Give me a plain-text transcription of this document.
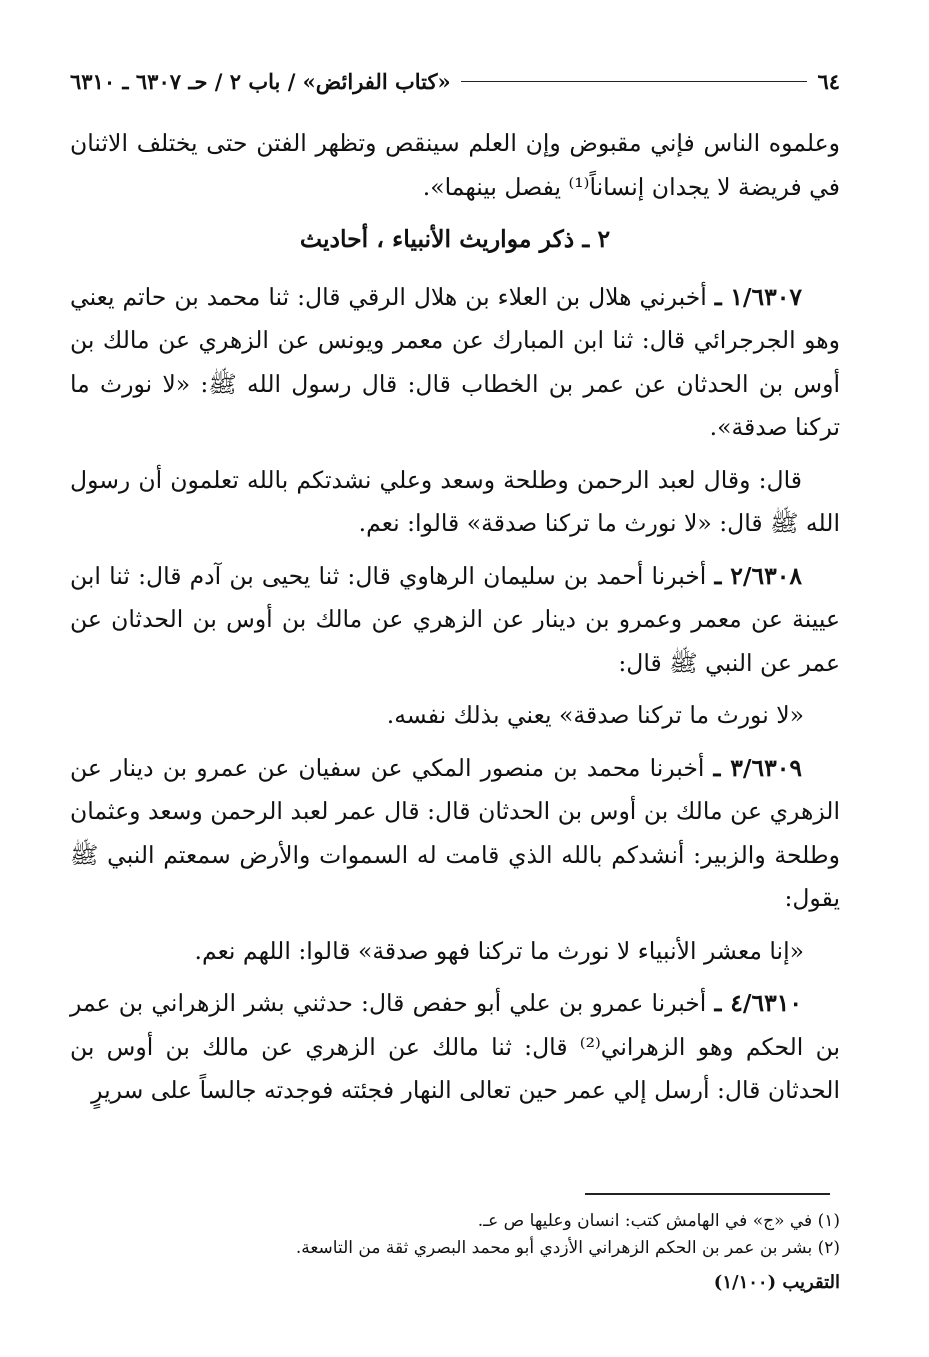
٦٤
«كتاب الفرائض» / باب ٢ / حـ ٦٣٠٧ ـ ٦٣١٠

وعلموه الناس فإني مقبوض وإن العلم سينقص وتظهر الفتن حتى يختلف الاثنان في فريضة لا يجدان إنساناً⁽¹⁾ يفصل بينهما».

٢ ـ ذكر مواريث الأنبياء ، أحاديث

١/٦٣٠٧ ـ أخبرني هلال بن العلاء بن هلال الرقي قال: ثنا محمد بن حاتم يعني وهو الجرجرائي قال: ثنا ابن المبارك عن معمر ويونس عن الزهري عن مالك بن أوس بن الحدثان عن عمر بن الخطاب قال: قال رسول الله ﷺ: «لا نورث ما تركنا صدقة».

قال: وقال لعبد الرحمن وطلحة وسعد وعلي نشدتكم بالله تعلمون أن رسول الله ﷺ قال: «لا نورث ما تركنا صدقة» قالوا: نعم.

٢/٦٣٠٨ ـ أخبرنا أحمد بن سليمان الرهاوي قال: ثنا يحيى بن آدم قال: ثنا ابن عيينة عن معمر وعمرو بن دينار عن الزهري عن مالك بن أوس بن الحدثان عن عمر عن النبي ﷺ قال:

«لا نورث ما تركنا صدقة» يعني بذلك نفسه.

٣/٦٣٠٩ ـ أخبرنا محمد بن منصور المكي عن سفيان عن عمرو بن دينار عن الزهري عن مالك بن أوس بن الحدثان قال: قال عمر لعبد الرحمن وسعد وعثمان وطلحة والزبير: أنشدكم بالله الذي قامت له السموات والأرض سمعتم النبي ﷺ يقول:

«إنا معشر الأنبياء لا نورث ما تركنا فهو صدقة» قالوا: اللهم نعم.

٤/٦٣١٠ ـ أخبرنا عمرو بن علي أبو حفص قال: حدثني بشر الزهراني بن عمر بن الحكم وهو الزهراني⁽²⁾ قال: ثنا مالك عن الزهري عن مالك بن أوس بن الحدثان قال: أرسل إلي عمر حين تعالى النهار فجئته فوجدته جالساً على سريرٍ

(١) في «ج» في الهامش كتب: انسان وعليها ص عـ.

(٢) بشر بن عمر بن الحكم الزهراني الأزدي أبو محمد البصري ثقة من التاسعة.

التقريب (١/١٠٠)
